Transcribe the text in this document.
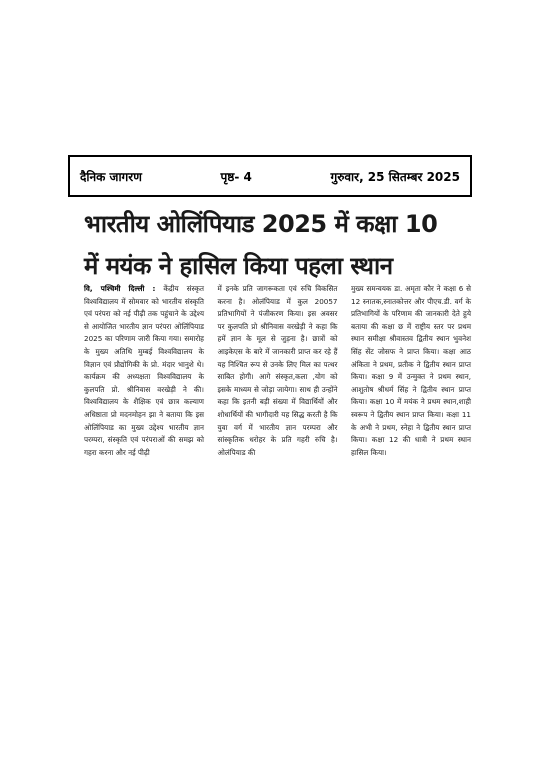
दैनिक जागरण	पृष्ठ- 4	गुरुवार, 25 सितम्बर 2025
भारतीय ओलिंपियाड 2025 में कक्षा 10
में मयंक ने हासिल किया पहला स्थान
वि, पश्चिमी दिल्ली : केंद्रीय संस्कृत विश्वविद्यालय में सोमवार को भारतीय संस्कृति एवं परंपरा को नई पीढ़ी तक पहुंचाने के उद्देश्य से आयोजित भारतीय ज्ञान परंपरा ओलिंपियाड 2025 का परिणाम जारी किया गया। समारोह के मुख्य अतिथि मुम्बई विश्वविद्यालय के विज्ञान एवं प्रौद्योगिकी के प्रो. मंदार भानुशे थे। कार्यक्रम की अध्यक्षता विश्वविद्यालय के कुलपति प्रो. श्रीनिवास वरखेड़ी ने की। विश्वविद्यालय के शैक्षिक एवं छात्र कल्याण अधिष्ठाता प्रो मदनमोहन झा ने बताया कि इस ओलिंपियाड का मुख्य उद्देश्य भारतीय ज्ञान परम्परा, संस्कृति एवं परंपराओं की समझ को गहरा करना और नई पीढ़ी
में इनके प्रति जागरूकता एवं रुचि विकसित करना है। ओलंपियाड में कुल 20057 प्रतिभागियों ने पंजीकरण किया। इस अवसर पर कुलपति प्रो श्रीनिवास वरखेड़ी ने कहा कि हमें ज्ञान के मूल से जुड़ना है। छात्रों को आइकेएस के बारे में जानकारी प्राप्त कर रहे हैं यह निश्चित रूप से उनके लिए मिल का पत्थर साबित होगी। आगे संस्कृत,कला ,योग को इसके माध्यम से जोड़ा जायेगा। साथ ही उन्होंने कहा कि इतनी बड़ी संख्या में विद्यार्थियों और शोधार्थियों की भागीदारी यह सिद्ध करती है कि युवा वर्ग में भारतीय ज्ञान परम्परा और सांस्कृतिक धरोहर के प्रति गहरी रुचि है। ओलंपियाड की
मुख्य समन्वयक डा. अमृता कौर ने कक्षा 6 से 12 स्नातक,स्नातकोत्तर और पीएच.डी. वर्ग के प्रतिभागियों के परिणाम की जानकारी देते हुये बताया की कक्षा छ में राष्ट्रीय स्तर पर प्रथम स्थान समीक्षा श्रीवास्तव द्वितीय स्थान भुवनेश सिंह सेंट जोसफ ने प्राप्त किया। कक्षा आठ अंकिता ने प्रथम, प्रतीक ने द्वितीय स्थान प्राप्त किया। कक्षा 9 में उन्मुक्त ने प्रथम स्थान, आशुतोष श्रीधर्म सिंह ने द्वितीय स्थान प्राप्त किया। कक्षा 10 में मयंक ने प्रथम स्थान,शाही स्वरूप ने द्वितीय स्थान प्राप्त किया। कक्षा 11 के अभी ने प्रथम, स्नेहा ने द्वितीय स्थान प्राप्त किया। कक्षा 12 की धात्री ने प्रथम स्थान हासिल किया।
